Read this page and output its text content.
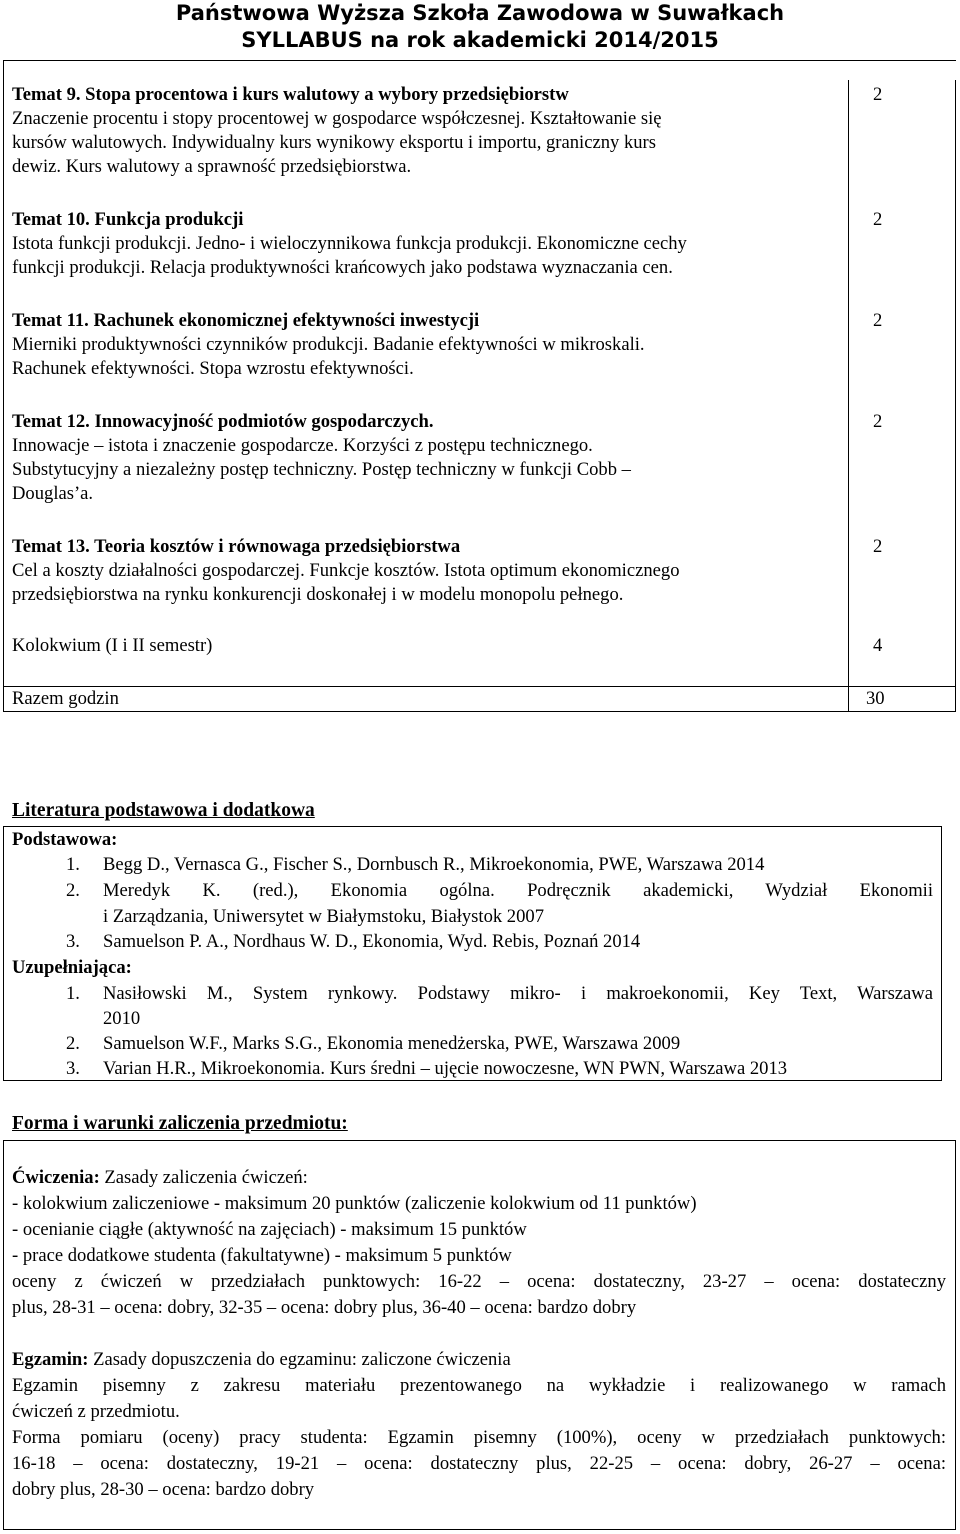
Państwowa Wyższa Szkoła Zawodowa w Suwałkach
SYLLABUS na rok akademicki 2014/2015
Temat 9. Stopa procentowa i kurs walutowy a wybory przedsiębiorstw
Znaczenie procentu i stopy procentowej w gospodarce współczesnej. Kształtowanie się
kursów walutowych. Indywidualny kurs wynikowy eksportu i importu, graniczny kurs
dewiz. Kurs walutowy a sprawność przedsiębiorstwa.
2
Temat 10. Funkcja produkcji
Istota funkcji produkcji. Jedno- i wieloczynnikowa funkcja produkcji. Ekonomiczne cechy
funkcji produkcji. Relacja produktywności krańcowych jako podstawa wyznaczania cen.
2
Temat 11. Rachunek ekonomicznej efektywności inwestycji
Mierniki produktywności czynników produkcji. Badanie efektywności w mikroskali.
Rachunek efektywności. Stopa wzrostu efektywności.
2
Temat 12. Innowacyjność podmiotów gospodarczych.
Innowacje – istota i znaczenie gospodarcze. Korzyści z postępu technicznego.
Substytucyjny a niezależny postęp techniczny. Postęp techniczny w funkcji Cobb –
Douglas’a.
2
Temat 13. Teoria kosztów i równowaga przedsiębiorstwa
Cel a koszty działalności gospodarczej. Funkcje kosztów. Istota optimum ekonomicznego
przedsiębiorstwa na rynku konkurencji doskonałej i w modelu monopolu pełnego.
2
Kolokwium (I i II semestr)	4
Razem godzin	30
Literatura podstawowa i dodatkowa
Podstawowa:
1. Begg D., Vernasca G., Fischer S., Dornbusch R., Mikroekonomia, PWE, Warszawa 2014
2. Meredyk K. (red.), Ekonomia ogólna. Podręcznik akademicki, Wydział Ekonomii
i Zarządzania, Uniwersytet w Białymstoku, Białystok 2007
3. Samuelson P. A., Nordhaus W. D., Ekonomia, Wyd. Rebis, Poznań 2014
Uzupełniająca:
1. Nasiłowski M., System rynkowy. Podstawy mikro- i makroekonomii, Key Text, Warszawa
2010
2. Samuelson W.F., Marks S.G., Ekonomia menedżerska, PWE, Warszawa 2009
3. Varian H.R., Mikroekonomia. Kurs średni – ujęcie nowoczesne, WN PWN, Warszawa 2013
Forma i warunki zaliczenia przedmiotu:
Ćwiczenia: Zasady zaliczenia ćwiczeń:
- kolokwium zaliczeniowe - maksimum 20 punktów (zaliczenie kolokwium od 11 punktów)
- ocenianie ciągłe (aktywność na zajęciach) - maksimum 15 punktów
- prace dodatkowe studenta (fakultatywne) - maksimum 5 punktów
oceny z ćwiczeń w przedziałach punktowych: 16-22 – ocena: dostateczny, 23-27 – ocena: dostateczny
plus, 28-31 – ocena: dobry, 32-35 – ocena: dobry plus, 36-40 – ocena: bardzo dobry
Egzamin: Zasady dopuszczenia do egzaminu: zaliczone ćwiczenia
Egzamin pisemny z zakresu materiału prezentowanego na wykładzie i realizowanego w ramach
ćwiczeń z przedmiotu.
Forma pomiaru (oceny) pracy studenta: Egzamin pisemny (100%), oceny w przedziałach punktowych:
16-18 – ocena: dostateczny, 19-21 – ocena: dostateczny plus, 22-25 – ocena: dobry, 26-27 – ocena:
dobry plus, 28-30 – ocena: bardzo dobry
